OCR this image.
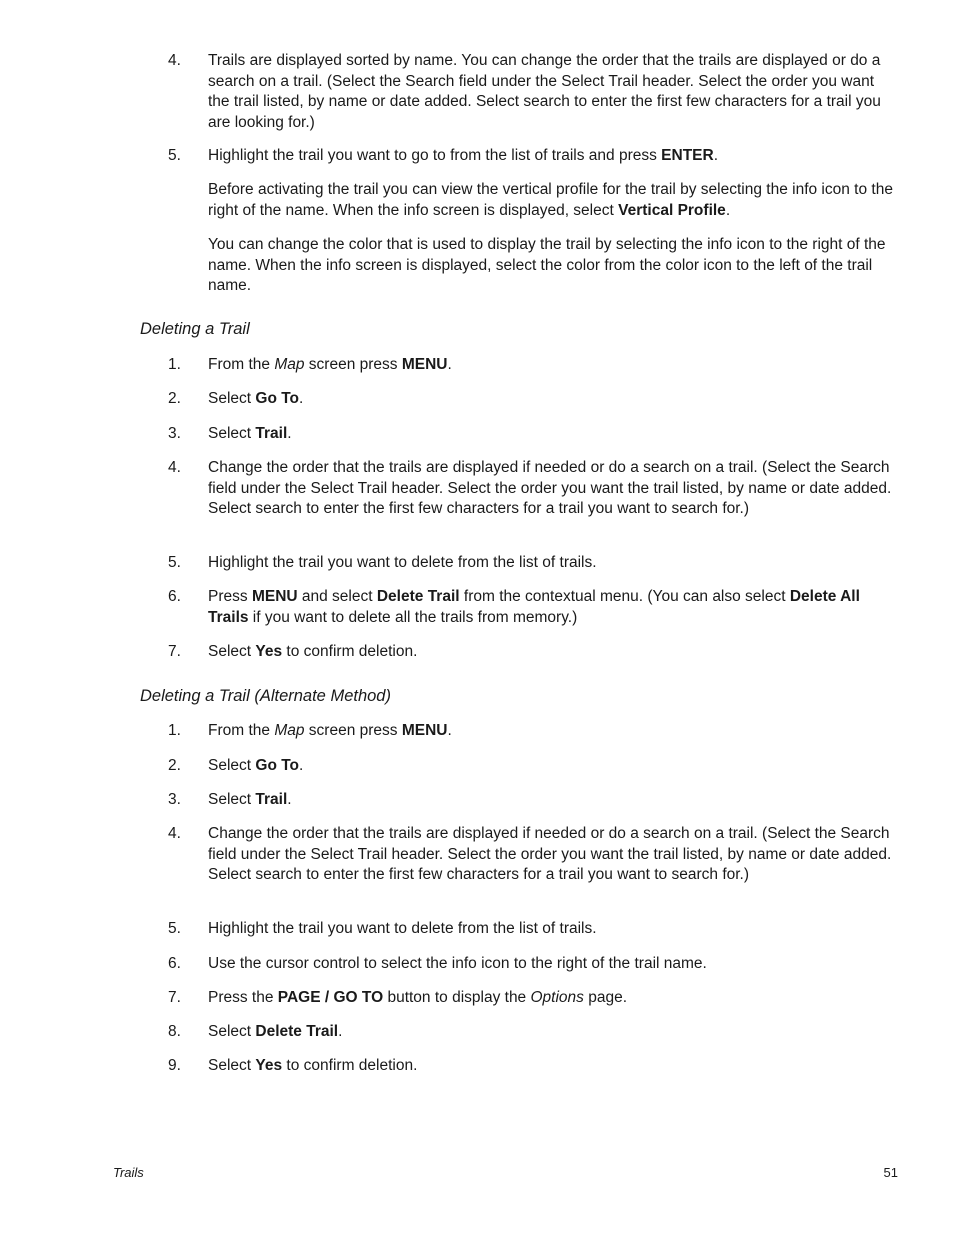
4.	Trails are displayed sorted by name. You can change the order that the trails are displayed or do a search on a trail. (Select the Search field under the Select Trail header. Select the order you want the trail listed, by name or date added. Select search to enter the first few characters for a trail you are looking for.)
5.	Highlight the trail you want to go to from the list of trails and press ENTER.
Before activating the trail you can view the vertical profile for the trail by selecting the info icon to the right of the name. When the info screen is displayed, select Vertical Profile.
You can change the color that is used to display the trail by selecting the info icon to the right of the name. When the info screen is displayed, select the color from the color icon to the left of the trail name.
Deleting a Trail
1.	From the Map screen press MENU.
2.	Select Go To.
3.	Select Trail.
4.	Change the order that the trails are displayed if needed or do a search on a trail. (Select the Search field under the Select Trail header. Select the order you want the trail listed, by name or date added. Select search to enter the first few characters for a trail you want to search for.)
5.	Highlight the trail you want to delete from the list of trails.
6.	Press MENU and select Delete Trail from the contextual menu. (You can also select Delete All Trails if you want to delete all the trails from memory.)
7.	Select Yes to confirm deletion.
Deleting a Trail (Alternate Method)
1.	From the Map screen press MENU.
2.	Select Go To.
3.	Select Trail.
4.	Change the order that the trails are displayed if needed or do a search on a trail. (Select the Search field under the Select Trail header. Select the order you want the trail listed, by name or date added. Select search to enter the first few characters for a trail you want to search for.)
5.	Highlight the trail you want to delete from the list of trails.
6.	Use the cursor control to select the info icon to the right of the trail name.
7.	Press the PAGE / GO TO button to display the Options page.
8.	Select Delete Trail.
9.	Select Yes to confirm deletion.
Trails	51
